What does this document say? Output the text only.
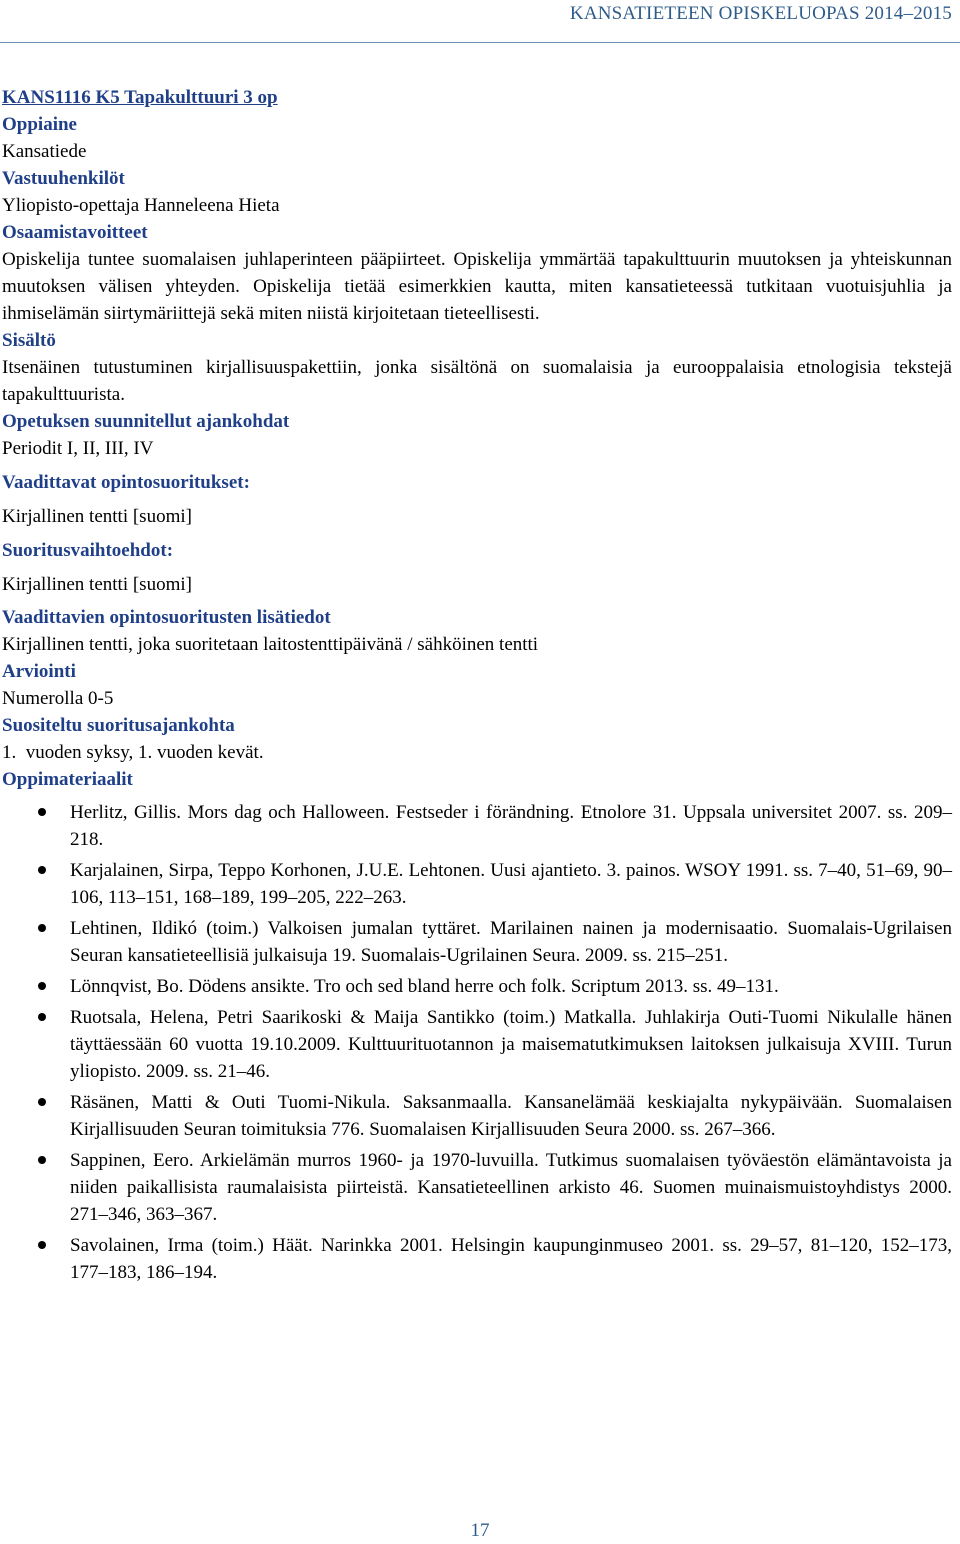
KANSATIETEEN OPISKELUOPAS 2014–2015
KANS1116 K5 Tapakulttuuri 3 op
Oppiaine
Kansatiede
Vastuuhenkilöt
Yliopisto-opettaja Hanneleena Hieta
Osaamistavoitteet
Opiskelija tuntee suomalaisen juhlaperinteen pääpiirteet. Opiskelija ymmärtää tapakulttuurin muutoksen ja yhteiskunnan muutoksen välisen yhteyden. Opiskelija tietää esimerkkien kautta, miten kansatieteessä tutkitaan vuotuisjuhlia ja ihmiselämän siirtymäriittejä sekä miten niistä kirjoitetaan tieteellisesti.
Sisältö
Itsenäinen tutustuminen kirjallisuuspakettiin, jonka sisältönä on suomalaisia ja eurooppalaisia etnologisia tekstejä tapakulttuurista.
Opetuksen suunnitellut ajankohdat
Periodit I, II, III, IV
Vaadittavat opintosuoritukset:
Kirjallinen tentti [suomi]
Suoritusvaihtoehdot:
Kirjallinen tentti [suomi]
Vaadittavien opintosuoritusten lisätiedot
Kirjallinen tentti, joka suoritetaan laitostenttipäivänä / sähköinen tentti
Arviointi
Numerolla 0-5
Suositeltu suoritusajankohta
1.  vuoden syksy, 1. vuoden kevät.
Oppimateriaalit
Herlitz, Gillis. Mors dag och Halloween. Festseder i förändning. Etnolore 31. Uppsala universitet 2007. ss. 209–218.
Karjalainen, Sirpa, Teppo Korhonen, J.U.E. Lehtonen. Uusi ajantieto. 3. painos. WSOY 1991. ss. 7–40, 51–69, 90–106, 113–151, 168–189, 199–205, 222–263.
Lehtinen, Ildikó (toim.) Valkoisen jumalan tyttäret. Marilainen nainen ja modernisaatio. Suomalais-Ugrilaisen Seuran kansatieteellisiä julkaisuja 19. Suomalais-Ugrilainen Seura. 2009. ss. 215–251.
Lönnqvist, Bo. Dödens ansikte. Tro och sed bland herre och folk. Scriptum 2013. ss. 49–131.
Ruotsala, Helena, Petri Saarikoski & Maija Santikko (toim.) Matkalla. Juhlakirja Outi-Tuomi Nikulalle hänen täyttäessään 60 vuotta 19.10.2009. Kulttuurituotannon ja maisematutkimuksen laitoksen julkaisuja XVIII. Turun yliopisto. 2009. ss. 21–46.
Räsänen, Matti & Outi Tuomi-Nikula. Saksanmaalla. Kansanelämää keskiajalta nykypäivään. Suomalaisen Kirjallisuuden Seuran toimituksia 776. Suomalaisen Kirjallisuuden Seura 2000. ss. 267–366.
Sappinen, Eero. Arkielämän murros 1960- ja 1970-luvuilla. Tutkimus suomalaisen työväestön elämäntavoista ja niiden paikallisista raumalaisista piirteistä. Kansatieteellinen arkisto 46. Suomen muinaismuistoyhdistys 2000. 271–346, 363–367.
Savolainen, Irma (toim.) Häät. Narinkka 2001. Helsingin kaupunginmuseo 2001. ss. 29–57, 81–120, 152–173, 177–183, 186–194.
17
